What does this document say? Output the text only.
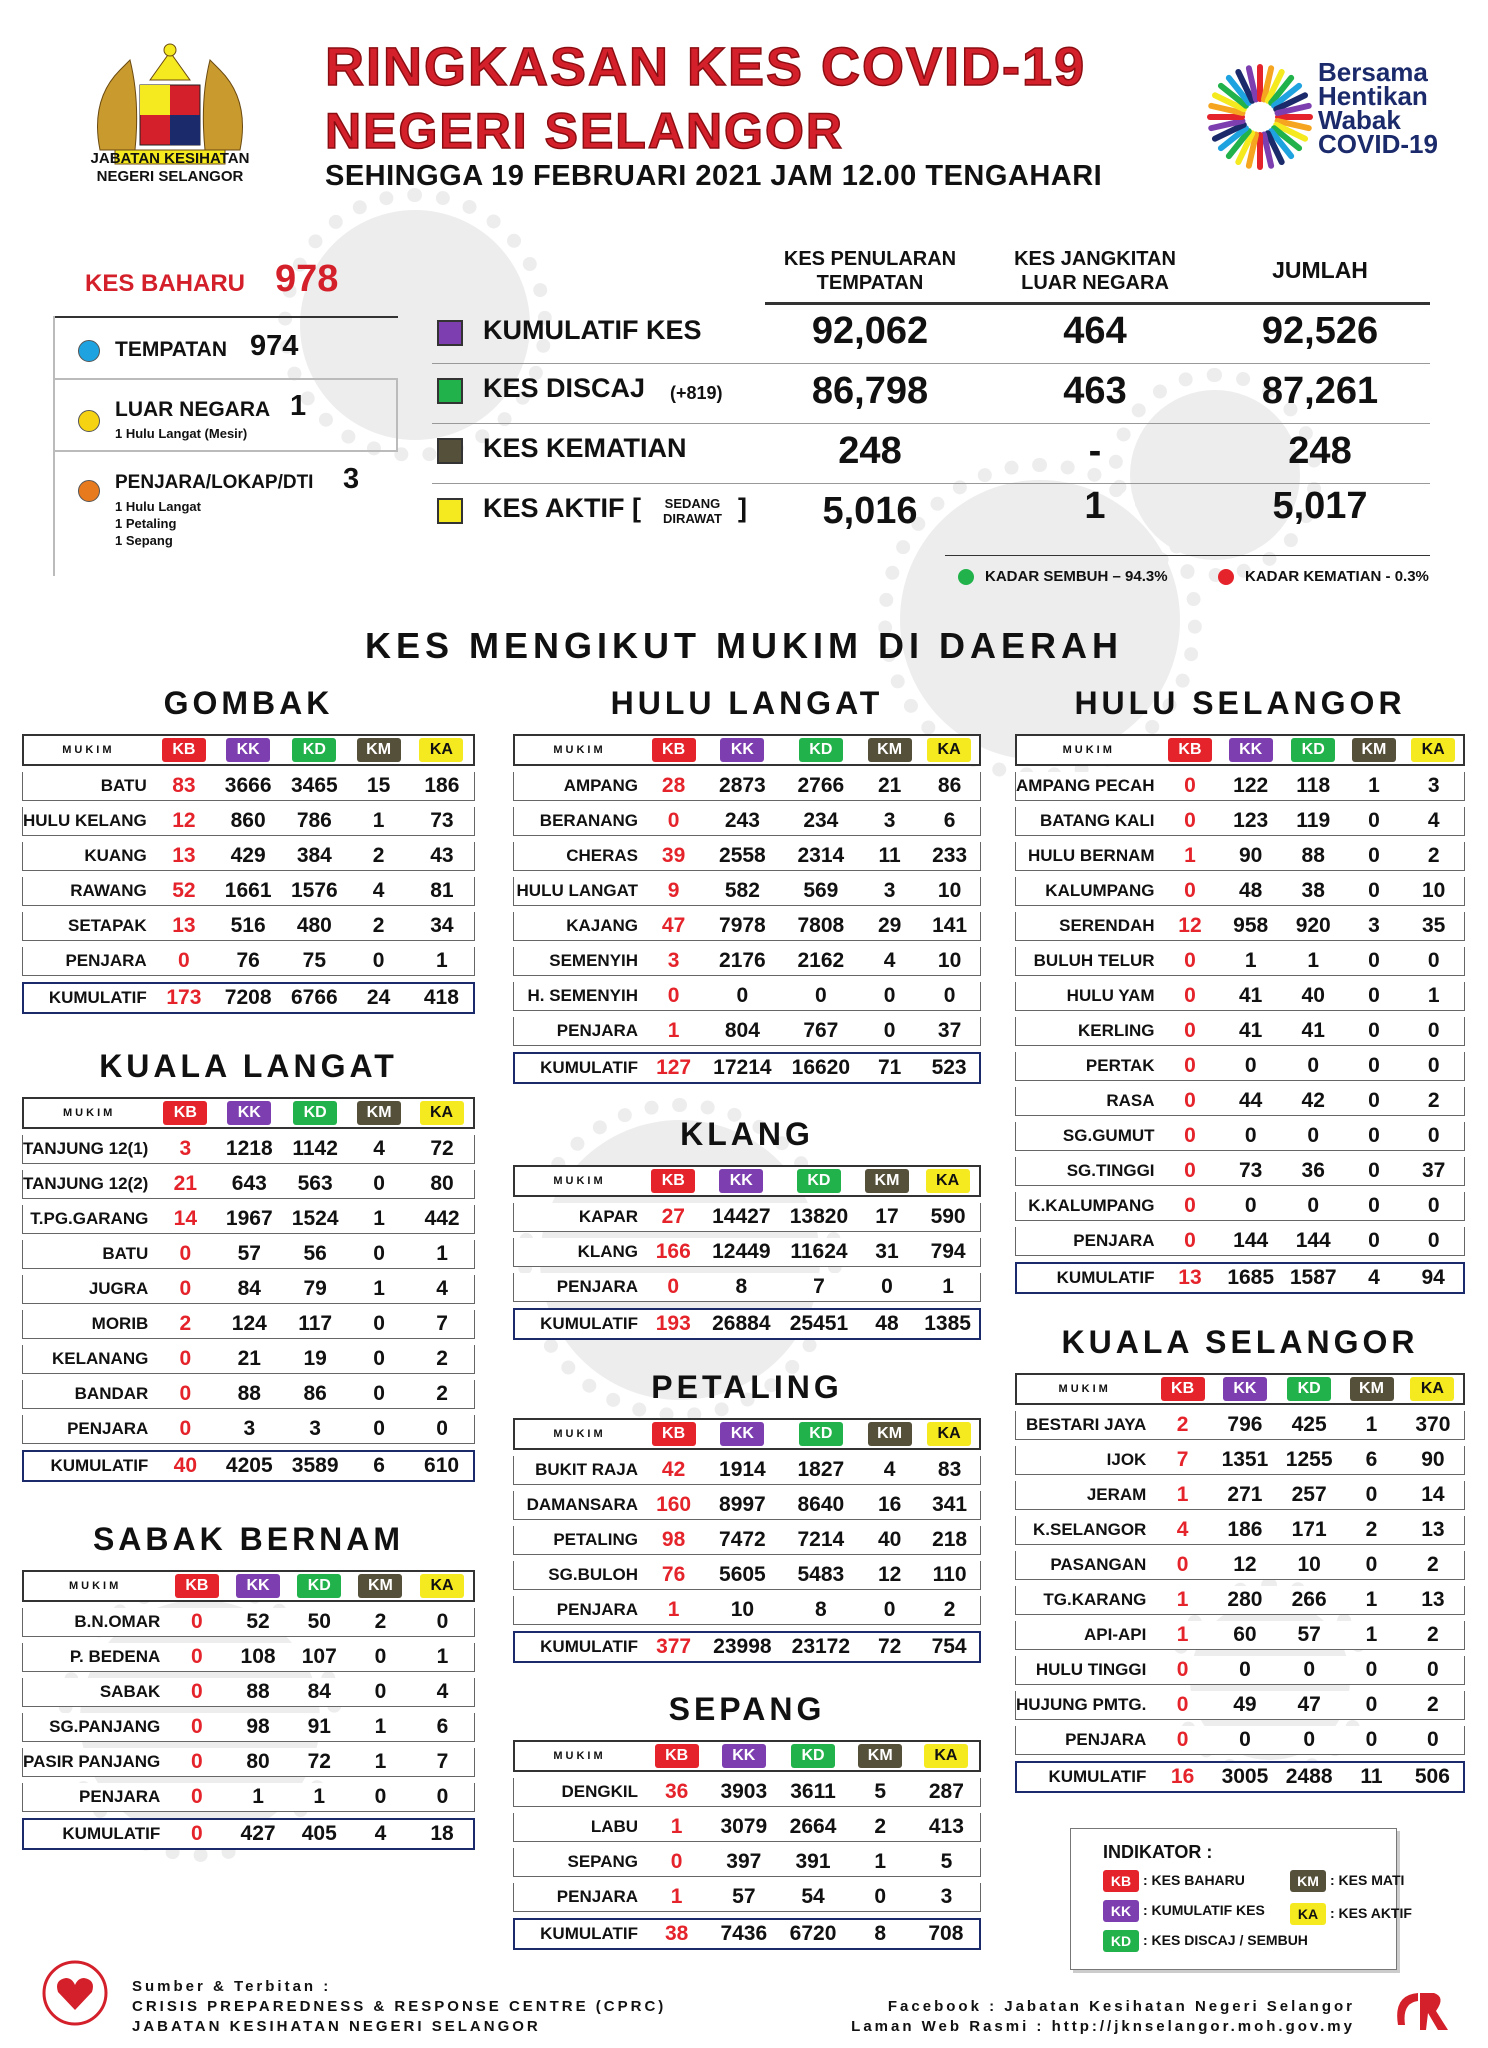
JABATAN KESIHATAN
NEGERI SELANGOR
RINGKASAN KES COVID-19
NEGERI SELANGOR
SEHINGGA 19 FEBRUARI 2021 JAM 12.00 TENGAHARI
Bersama
Hentikan
Wabak
COVID-19
KES BAHARU 978
TEMPATAN 974
LUAR NEGARA 1
1 Hulu Langat (Mesir)
PENJARA/LOKAP/DTI 3
1 Hulu Langat
1 Petaling
1 Sepang
KES PENULARAN
TEMPATAN
KES JANGKITAN
LUAR NEGARA	JUMLAH
KUMULATIF KES	92,062	464	92,526
KES DISCAJ (+819)	86,798	463	87,261
KES KEMATIAN	248	-	248
KES AKTIF [ SEDANG
DIRAWAT ]	5,016	1	5,017
KADAR SEMBUH – 94.3%	KADAR KEMATIAN - 0.3%
KES MENGIKUT MUKIM DI DAERAH
GOMBAK
MUKIM	KB	KK	KD	KM	KA
BATU	83	3666	3465	15	186
HULU KELANG	12	860	786	1	73
KUANG	13	429	384	2	43
RAWANG	52	1661	1576	4	81
SETAPAK	13	516	480	2	34
PENJARA	0	76	75	0	1
KUMULATIF	173	7208	6766	24	418
KUALA LANGAT
MUKIM	KB	KK	KD	KM	KA
TANJUNG 12(1)	3	1218	1142	4	72
TANJUNG 12(2)	21	643	563	0	80
T.PG.GARANG	14	1967	1524	1	442
BATU	0	57	56	0	1
JUGRA	0	84	79	1	4
MORIB	2	124	117	0	7
KELANANG	0	21	19	0	2
BANDAR	0	88	86	0	2
PENJARA	0	3	3	0	0
KUMULATIF	40	4205	3589	6	610
SABAK BERNAM
MUKIM	KB	KK	KD	KM	KA
B.N.OMAR	0	52	50	2	0
P. BEDENA	0	108	107	0	1
SABAK	0	88	84	0	4
SG.PANJANG	0	98	91	1	6
PASIR PANJANG	0	80	72	1	7
PENJARA	0	1	1	0	0
KUMULATIF	0	427	405	4	18
HULU LANGAT
MUKIM	KB	KK	KD	KM	KA
AMPANG	28	2873	2766	21	86
BERANANG	0	243	234	3	6
CHERAS	39	2558	2314	11	233
HULU LANGAT	9	582	569	3	10
KAJANG	47	7978	7808	29	141
SEMENYIH	3	2176	2162	4	10
H. SEMENYIH	0	0	0	0	0
PENJARA	1	804	767	0	37
KUMULATIF	127	17214	16620	71	523
KLANG
MUKIM	KB	KK	KD	KM	KA
KAPAR	27	14427	13820	17	590
KLANG	166	12449	11624	31	794
PENJARA	0	8	7	0	1
KUMULATIF	193	26884	25451	48	1385
PETALING
MUKIM	KB	KK	KD	KM	KA
BUKIT RAJA	42	1914	1827	4	83
DAMANSARA	160	8997	8640	16	341
PETALING	98	7472	7214	40	218
SG.BULOH	76	5605	5483	12	110
PENJARA	1	10	8	0	2
KUMULATIF	377	23998	23172	72	754
SEPANG
MUKIM	KB	KK	KD	KM	KA
DENGKIL	36	3903	3611	5	287
LABU	1	3079	2664	2	413
SEPANG	0	397	391	1	5
PENJARA	1	57	54	0	3
KUMULATIF	38	7436	6720	8	708
HULU SELANGOR
MUKIM	KB	KK	KD	KM	KA
AMPANG PECAH	0	122	118	1	3
BATANG KALI	0	123	119	0	4
HULU BERNAM	1	90	88	0	2
KALUMPANG	0	48	38	0	10
SERENDAH	12	958	920	3	35
BULUH TELUR	0	1	1	0	0
HULU YAM	0	41	40	0	1
KERLING	0	41	41	0	0
PERTAK	0	0	0	0	0
RASA	0	44	42	0	2
SG.GUMUT	0	0	0	0	0
SG.TINGGI	0	73	36	0	37
K.KALUMPANG	0	0	0	0	0
PENJARA	0	144	144	0	0
KUMULATIF	13	1685	1587	4	94
KUALA SELANGOR
MUKIM	KB	KK	KD	KM	KA
BESTARI JAYA	2	796	425	1	370
IJOK	7	1351	1255	6	90
JERAM	1	271	257	0	14
K.SELANGOR	4	186	171	2	13
PASANGAN	0	12	10	0	2
TG.KARANG	1	280	266	1	13
API-API	1	60	57	1	2
HULU TINGGI	0	0	0	0	0
HUJUNG PMTG.	0	49	47	0	2
PENJARA	0	0	0	0	0
KUMULATIF	16	3005	2488	11	506
INDIKATOR :
KB : KES BAHARU
KK : KUMULATIF KES
KD : KES DISCAJ / SEMBUH
KM : KES MATI
KA : KES AKTIF
Sumber & Terbitan :
CRISIS PREPAREDNESS & RESPONSE CENTRE (CPRC)
JABATAN KESIHATAN NEGERI SELANGOR
Facebook : Jabatan Kesihatan Negeri Selangor
Laman Web Rasmi : http://jknselangor.moh.gov.my
